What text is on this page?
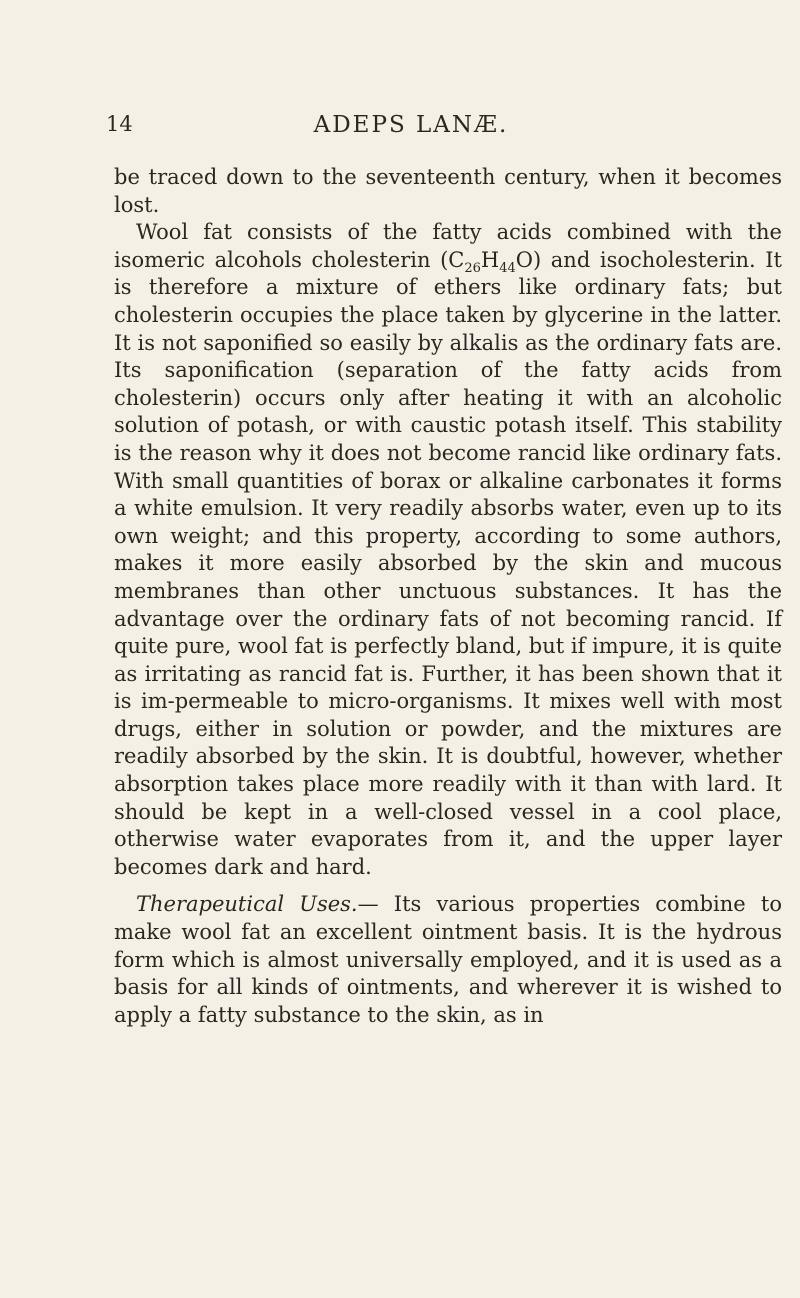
14	ADEPS LANÆ.

be traced down to the seventeenth century, when it becomes lost.

Wool fat consists of the fatty acids combined with the isomeric alcohols cholesterin $(C_{26}H_{44}O)$ and isocholesterin. It is therefore a mixture of ethers like ordinary fats; but cholesterin occupies the place taken by glycerine in the latter. It is not saponified so easily by alkalis as the ordinary fats are. Its saponification (separation of the fatty acids from cholesterin) occurs only after heating it with an alcoholic solution of potash, or with caustic potash itself. This stability is the reason why it does not become rancid like ordinary fats. With small quantities of borax or alkaline carbonates it forms a white emulsion. It very readily absorbs water, even up to its own weight; and this property, according to some authors, makes it more easily absorbed by the skin and mucous membranes than other unctuous substances. It has the advantage over the ordinary fats of not becoming rancid. If quite pure, wool fat is perfectly bland, but if impure, it is quite as irritating as rancid fat is. Further, it has been shown that it is im-permeable to micro-organisms. It mixes well with most drugs, either in solution or powder, and the mixtures are readily absorbed by the skin. It is doubtful, however, whether absorption takes place more readily with it than with lard. It should be kept in a well-closed vessel in a cool place, otherwise water evaporates from it, and the upper layer becomes dark and hard.

Therapeutical Uses.— Its various properties combine to make wool fat an excellent ointment basis. It is the hydrous form which is almost universally employed, and it is used as a basis for all kinds of ointments, and wherever it is wished to apply a fatty substance to the skin, as in
